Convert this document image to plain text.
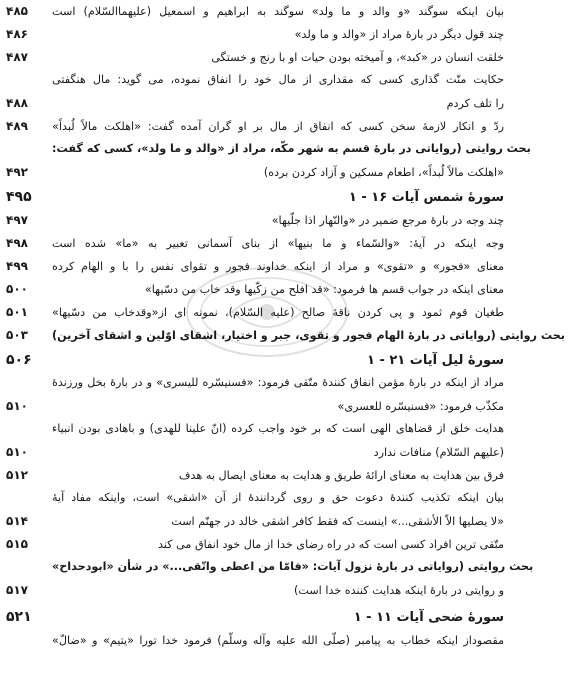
۴۸۵	بیان اینکه سوگند «و والد و ما ولد» سوگند به ابراهیم و اسمعیل (علیهماالسّلام) است
۴۸۶	چند قول دیگر در بارهٔ مراد از «والد و ما ولد»
۴۸۷	خلقت انسان در «کبد»، و آمیخته بودن حیات او با رنج و خستگی
حکایت منّت گذاری کسی که مقداری از مال خود را انفاق نموده، می گوید: مال هنگفتی
۴۸۸	را تلف کردم
۴۸۹	ردّ و انکار لازمهٔ سخن کسی که انفاق از مال بر او گران آمده گفت: «اهلکت مالاً لُبداً»
بحث روایتی (روایاتی در بارهٔ قسم به شهر مکّه، مراد از «والد و ما ولد»، کسی که گفت:
۴۹۲	«اهلکت مالاً لُبداً»، اطعام مسکین و آزاد کردن برده)
۴۹۵	سورهٔ شمس آیات ۱۶ - ۱
۴۹۷	چند وجه در بارهٔ مرجع ضمیر در «والنّهار اذا جلّیها»
۴۹۸	وجه اینکه در آیهٔ: «والسّماء و ما بنیها» از بنای آسمانی تعبیر به «ما» شده است
۴۹۹	معنای «فجور» و «تقوی» و مراد از اینکه خداوند فجور و تقوای نفس را با و الهام کرده
۵۰۰	معنای اینکه در جواب قسم ها فرمود: «قد افلح من زکّیها وقد خاب من دسّیها»
۵۰۱	طغیان قوم ثمود و پی کردن ناقهٔ صالح (علیه السّلام)، نمونه ای از«وقدخاب من دسّیها»
۵۰۳	بحث روایتی (روایاتی در بارهٔ الهام فجور و تقوی، جبر و اختیار، اشقای اوّلین و اشقای آخرین)
۵۰۶	سورهٔ لیل آیات ۲۱ - ۱
مراد از اینکه در بارهٔ مؤمن انفاق کنندهٔ متّقی فرمود: «فسنیسّره للیسری» و در بارهٔ بخل ورزندهٔ
۵۱۰	مکذّب فرمود: «فسنیسّره للعسری»
هدایت خلق از قضاهای الهی است که بر خود واجب کرده (انّ علینا للهدی) و باهادی بودن انبیاء
۵۱۰	(علیهم السّلام) منافات ندارد
۵۱۲	فرق بین هدایت به معنای ارائهٔ طریق و هدایت به معنای ایصال به هدف
بیان اینکه تکذیب کنندهٔ دعوت حق و روی گردانندهٔ از آن «اشقی» است، واینکه مفاد آیهٔ
۵۱۴	«لا یصلیها الاّ الأشقی...» اینست که فقط کافر اشقی خالد در جهنّم است
۵۱۵	متّقی ترین افراد کسی است که در راه رضای خدا از مال خود انفاق می کند
بحث روایتی (روایاتی در بارهٔ نزول آیات: «فامّا من اعطی واتّقی...» در شأن «ابودحداح»
۵۱۷	و روایتی در بارهٔ اینکه هدایت کننده خدا است)
۵۲۱	سورهٔ ضحی آیات ۱۱ - ۱
مقصوداز اینکه خطاب به پیامبر (صلّی الله علیه وآله وسلّم) فرمود خدا تورا «یتیم» و «ضالّ»
